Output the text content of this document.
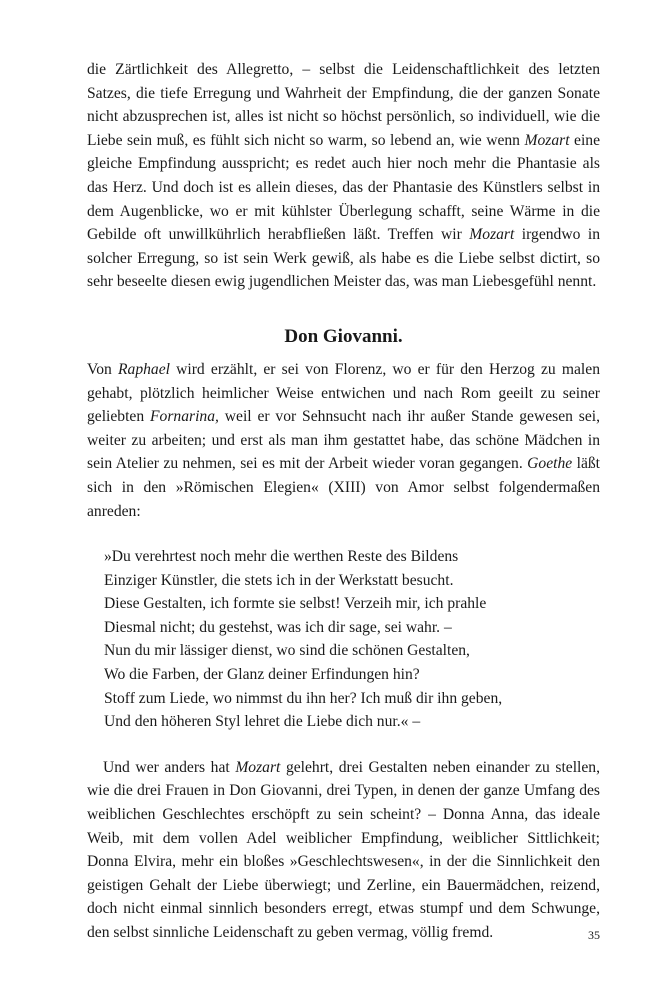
die Zärtlichkeit des Allegretto, – selbst die Leidenschaftlichkeit des letzten Satzes, die tiefe Erregung und Wahrheit der Empfindung, die der ganzen Sonate nicht abzusprechen ist, alles ist nicht so höchst persönlich, so individuell, wie die Liebe sein muß, es fühlt sich nicht so warm, so lebend an, wie wenn Mozart eine gleiche Empfindung ausspricht; es redet auch hier noch mehr die Phantasie als das Herz. Und doch ist es allein dieses, das der Phantasie des Künstlers selbst in dem Augenblicke, wo er mit kühlster Überlegung schafft, seine Wärme in die Gebilde oft unwillkührlich herabfließen läßt. Treffen wir Mozart irgendwo in solcher Erregung, so ist sein Werk gewiß, als habe es die Liebe selbst dictirt, so sehr beseelte diesen ewig jugendlichen Meister das, was man Liebesgefühl nennt.

Don Giovanni.

Von Raphael wird erzählt, er sei von Florenz, wo er für den Herzog zu malen gehabt, plötzlich heimlicher Weise entwichen und nach Rom geeilt zu seiner geliebten Fornarina, weil er vor Sehnsucht nach ihr außer Stande gewesen sei, weiter zu arbeiten; und erst als man ihm gestattet habe, das schöne Mädchen in sein Atelier zu nehmen, sei es mit der Arbeit wieder voran gegangen. Goethe läßt sich in den »Römischen Elegien« (XIII) von Amor selbst folgendermaßen anreden:

»Du verehrtest noch mehr die werthen Reste des Bildens
Einziger Künstler, die stets ich in der Werkstatt besucht.
Diese Gestalten, ich formte sie selbst! Verzeih mir, ich prahle
Diesmal nicht; du gestehst, was ich dir sage, sei wahr. –
Nun du mir lässiger dienst, wo sind die schönen Gestalten,
Wo die Farben, der Glanz deiner Erfindungen hin?
Stoff zum Liede, wo nimmst du ihn her? Ich muß dir ihn geben,
Und den höheren Styl lehret die Liebe dich nur.« –

Und wer anders hat Mozart gelehrt, drei Gestalten neben einander zu stellen, wie die drei Frauen in Don Giovanni, drei Typen, in denen der ganze Umfang des weiblichen Geschlechtes erschöpft zu sein scheint? – Donna Anna, das ideale Weib, mit dem vollen Adel weiblicher Empfindung, weiblicher Sittlichkeit; Donna Elvira, mehr ein bloßes »Geschlechtswesen«, in der die Sinnlichkeit den geistigen Gehalt der Liebe überwiegt; und Zerline, ein Bauermädchen, reizend, doch nicht einmal sinnlich besonders erregt, etwas stumpf und dem Schwunge, den selbst sinnliche Leidenschaft zu geben vermag, völlig fremd.	35
